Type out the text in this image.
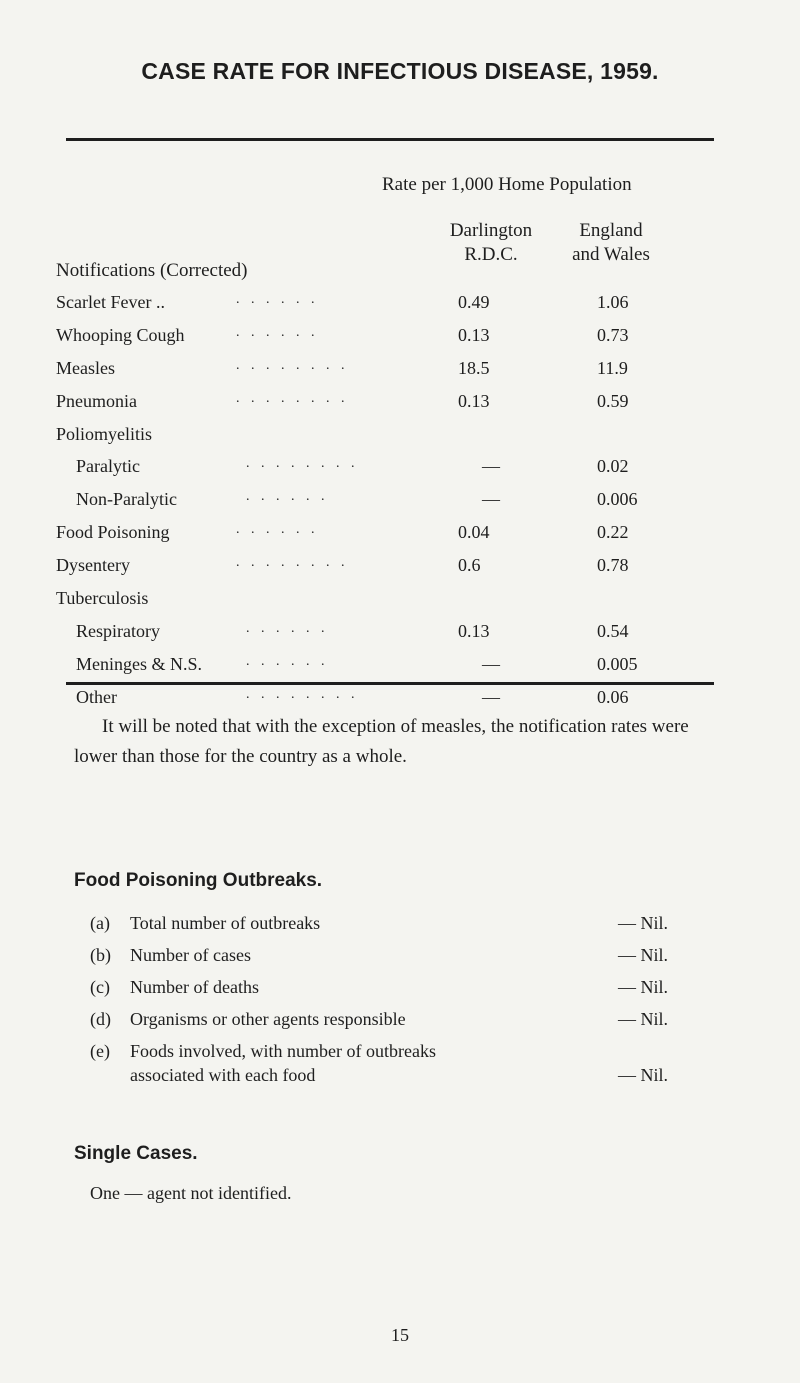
CASE RATE FOR INFECTIOUS DISEASE, 1959.
Rate per 1,000 Home Population
Darlington
R.D.C.
England
and Wales
Notifications (Corrected)
Scarlet Fever ..	. . . . . .	0.49	1.06
Whooping Cough	. . . . . .	0.13	0.73
Measles	. . . . . . . .	18.5	11.9
Pneumonia	. . . . . . . .	0.13	0.59
Poliomyelitis
Paralytic	. . . . . . . .	—	0.02
Non-Paralytic	. . . . . .	—	0.006
Food Poisoning	. . . . . .	0.04	0.22
Dysentery	. . . . . . . .	0.6	0.78
Tuberculosis
Respiratory	. . . . . .	0.13	0.54
Meninges & N.S.	. . . . . .	—	0.005
Other	. . . . . . . .	—	0.06
It will be noted that with the exception of measles, the notification rates were lower than those for the country as a whole.
Food Poisoning Outbreaks.
(a) Total number of outbreaks	— Nil.
(b) Number of cases	— Nil.
(c) Number of deaths	— Nil.
(d) Organisms or other agents responsible	— Nil.
(e) Foods involved, with number of outbreaks
associated with each food	— Nil.
Single Cases.
One — agent not identified.
15
